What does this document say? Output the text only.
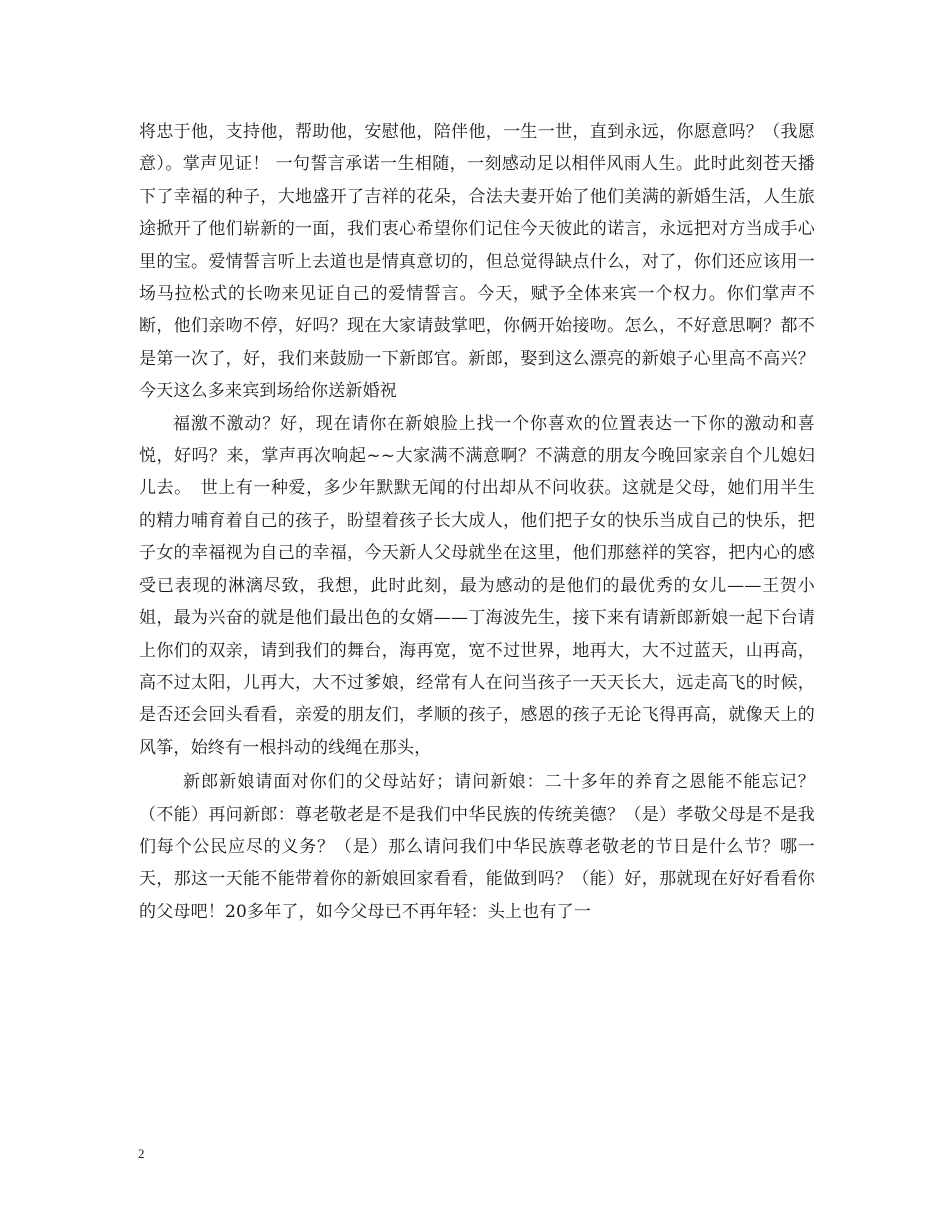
将忠于他，支持他，帮助他，安慰他，陪伴他，一生一世，直到永远，你愿意吗？（我愿意）。掌声见证！ 一句誓言承诺一生相随，一刻感动足以相伴风雨人生。此时此刻苍天播下了幸福的种子，大地盛开了吉祥的花朵，合法夫妻开始了他们美满的新婚生活，人生旅途掀开了他们崭新的一面，我们衷心希望你们记住今天彼此的诺言，永远把对方当成手心里的宝。爱情誓言听上去道也是情真意切的，但总觉得缺点什么，对了，你们还应该用一场马拉松式的长吻来见证自己的爱情誓言。今天，赋予全体来宾一个权力。你们掌声不断，他们亲吻不停，好吗？现在大家请鼓掌吧，你俩开始接吻。怎么，不好意思啊？都不是第一次了，好，我们来鼓励一下新郎官。新郎，娶到这么漂亮的新娘子心里高不高兴？今天这么多来宾到场给你送新婚祝

福激不激动？好，现在请你在新娘脸上找一个你喜欢的位置表达一下你的激动和喜悦，好吗？来，掌声再次响起~~大家满不满意啊？不满意的朋友今晚回家亲自个儿媳妇儿去。　世上有一种爱，多少年默默无闻的付出却从不问收获。这就是父母，她们用半生的精力哺育着自己的孩子，盼望着孩子长大成人，他们把子女的快乐当成自己的快乐，把子女的幸福视为自己的幸福，今天新人父母就坐在这里，他们那慈祥的笑容，把内心的感受已表现的淋漓尽致，我想，此时此刻，最为感动的是他们的最优秀的女儿——王贺小姐，最为兴奋的就是他们最出色的女婿——丁海波先生，接下来有请新郎新娘一起下台请上你们的双亲，请到我们的舞台，海再宽，宽不过世界，地再大，大不过蓝天，山再高，高不过太阳，儿再大，大不过爹娘，经常有人在问当孩子一天天长大，远走高飞的时候，是否还会回头看看，亲爱的朋友们，孝顺的孩子，感恩的孩子无论飞得再高，就像天上的风筝，始终有一根抖动的线绳在那头，

新郎新娘请面对你们的父母站好；请问新娘：二十多年的养育之恩能不能忘记？（不能）再问新郎：尊老敬老是不是我们中华民族的传统美德？（是）孝敬父母是不是我们每个公民应尽的义务？（是）那么请问我们中华民族尊老敬老的节日是什么节？哪一天，那这一天能不能带着你的新娘回家看看，能做到吗？（能）好，那就现在好好看看你的父母吧！20多年了，如今父母已不再年轻：头上也有了一

2
